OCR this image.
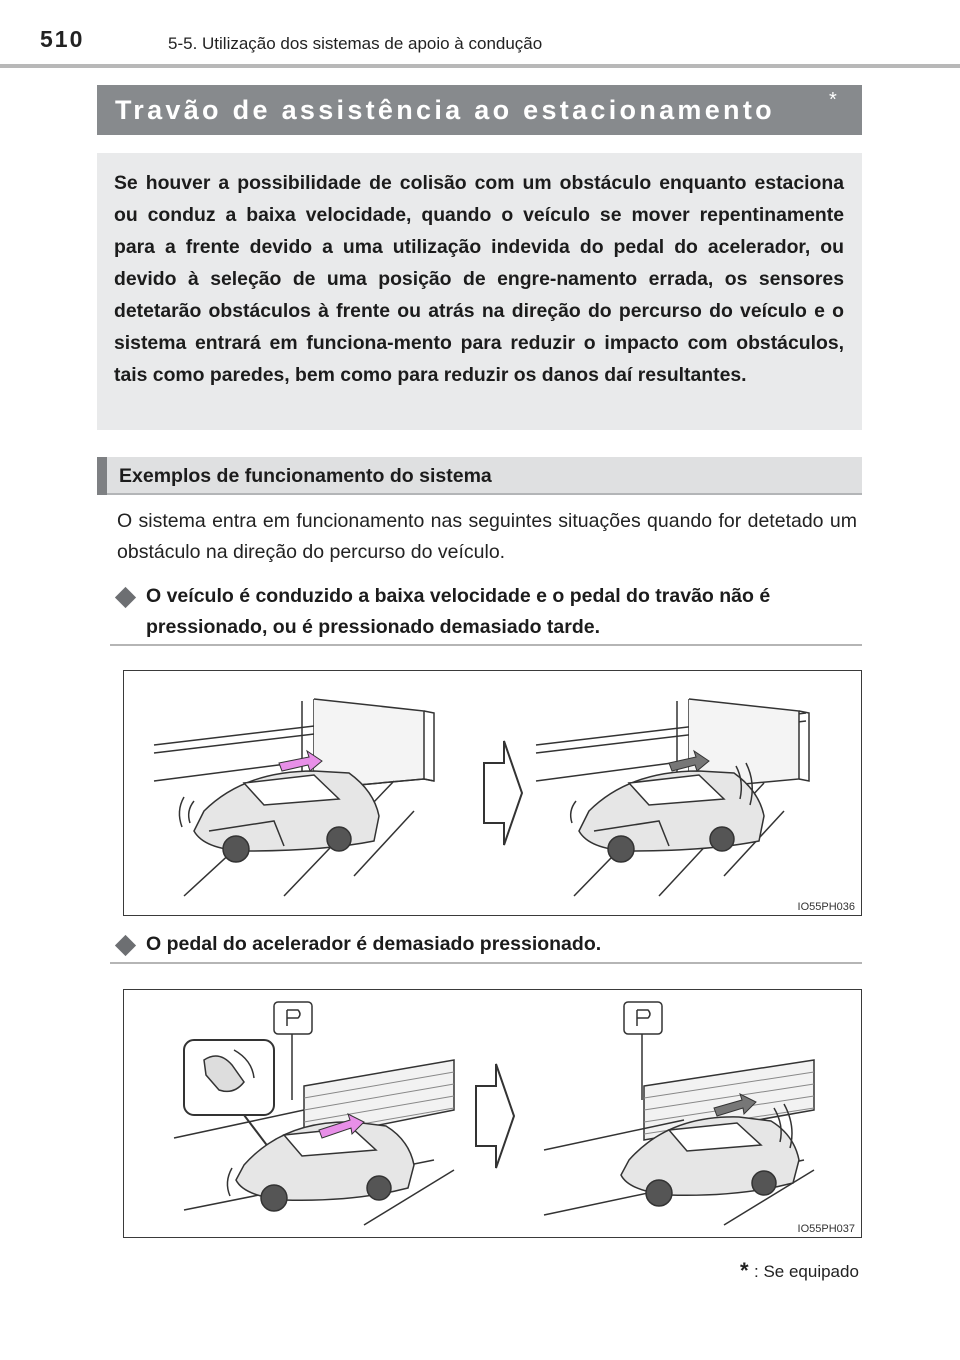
510	5-5. Utilização dos sistemas de apoio à condução
Travão de assistência ao estacionamento	*
Se houver a possibilidade de colisão com um obstáculo enquanto estaciona ou conduz a baixa velocidade, quando o veículo se mover repentinamente para a frente devido a uma utilização indevida do pedal do acelerador, ou devido à seleção de uma posição de engre-namento errada, os sensores detetarão obstáculos à frente ou atrás na direção do percurso do veículo e o sistema entrará em funciona-mento para reduzir o impacto com obstáculos, tais como paredes, bem como para reduzir os danos daí resultantes.
Exemplos de funcionamento do sistema
O sistema entra em funcionamento nas seguintes situações quando for detetado um obstáculo na direção do percurso do veículo.
O veículo é conduzido a baixa velocidade e o pedal do travão não é pressionado, ou é pressionado demasiado tarde.
IO55PH036
O pedal do acelerador é demasiado pressionado.
IO55PH037
* : Se equipado
